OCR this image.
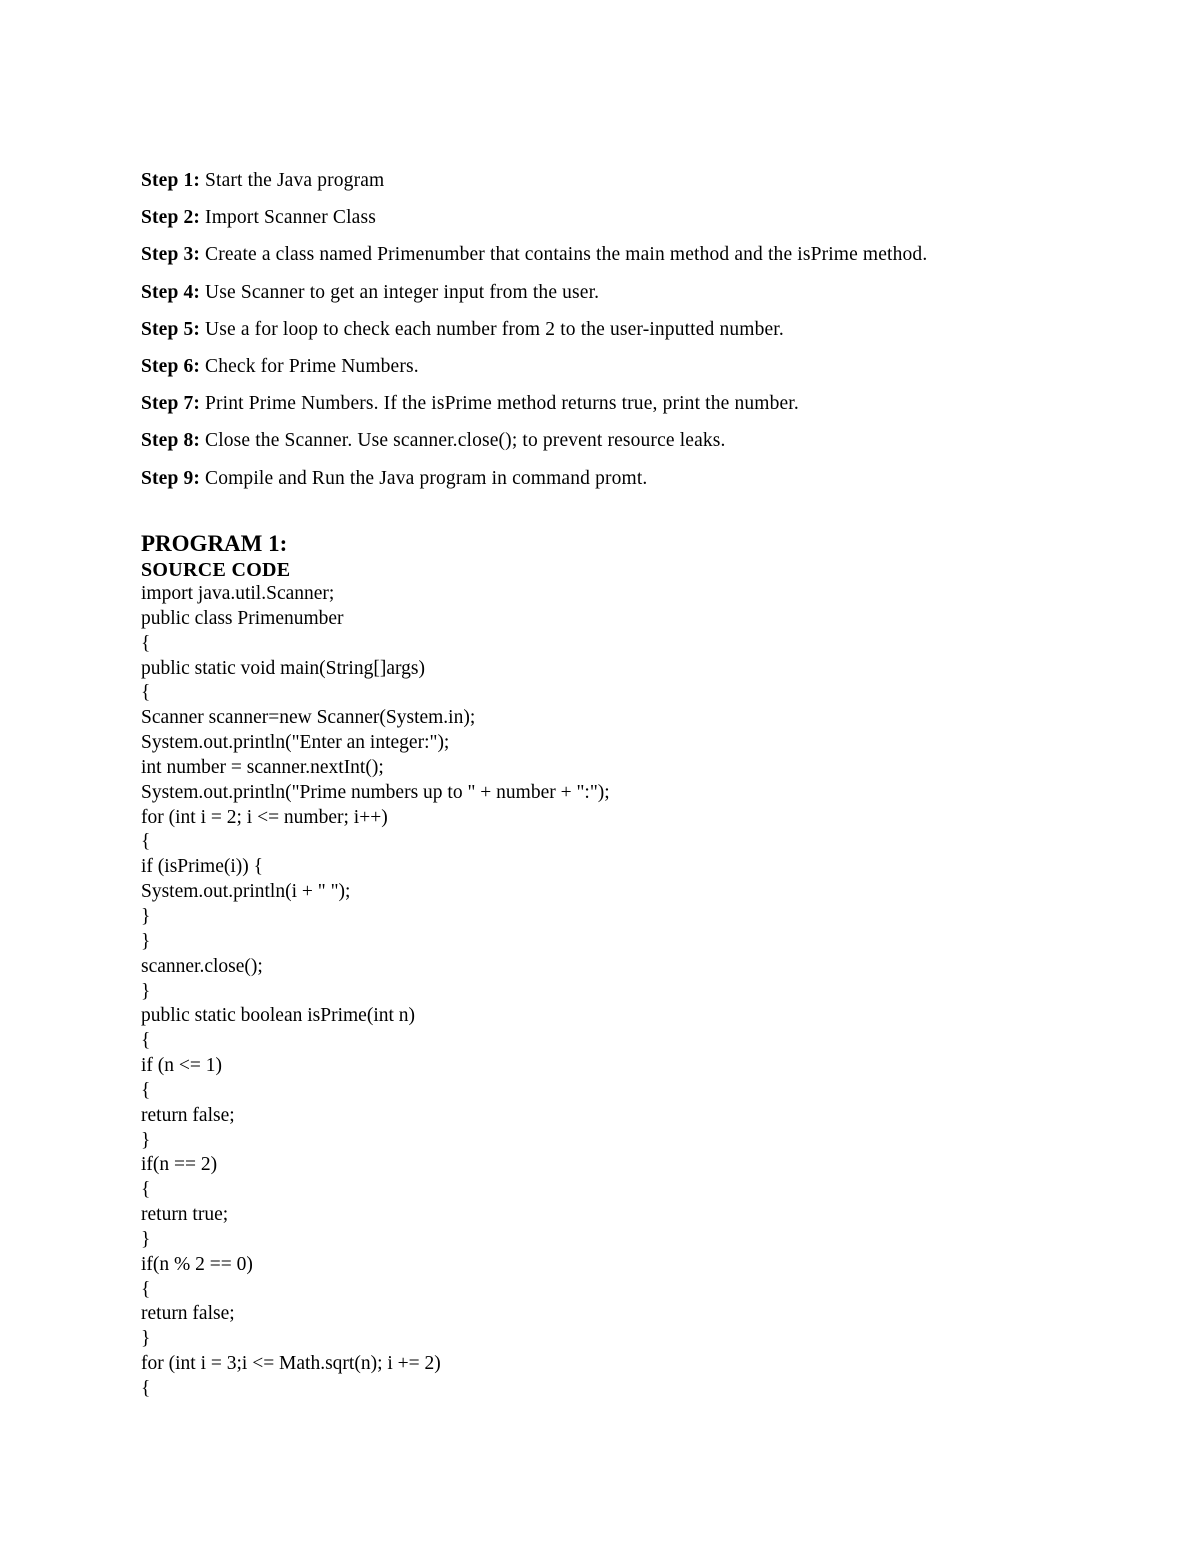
Step 1: Start the Java program
Step 2: Import Scanner Class
Step 3: Create a class named Primenumber that contains the main method and the isPrime method.
Step 4: Use Scanner to get an integer input from the user.
Step 5: Use a for loop to check each number from 2 to the user-inputted number.
Step 6: Check for Prime Numbers.
Step 7: Print Prime Numbers. If the isPrime method returns true, print the number.
Step 8: Close the Scanner. Use scanner.close(); to prevent resource leaks.
Step 9: Compile and Run the Java program in command promt.
PROGRAM 1:
SOURCE CODE
import java.util.Scanner;
public class Primenumber
{
public static void main(String[]args)
{
Scanner scanner=new Scanner(System.in);
System.out.println("Enter an integer:");
int number = scanner.nextInt();
System.out.println("Prime numbers up to " + number + ":");
for (int i = 2; i <= number; i++)
{
if (isPrime(i)) {
System.out.println(i + " ");
}
}
scanner.close();
}
public static boolean isPrime(int n)
{
if (n <= 1)
{
return false;
}
if(n == 2)
{
return true;
}
if(n % 2 == 0)
{
return false;
}
for (int i = 3;i <= Math.sqrt(n); i += 2)
{
